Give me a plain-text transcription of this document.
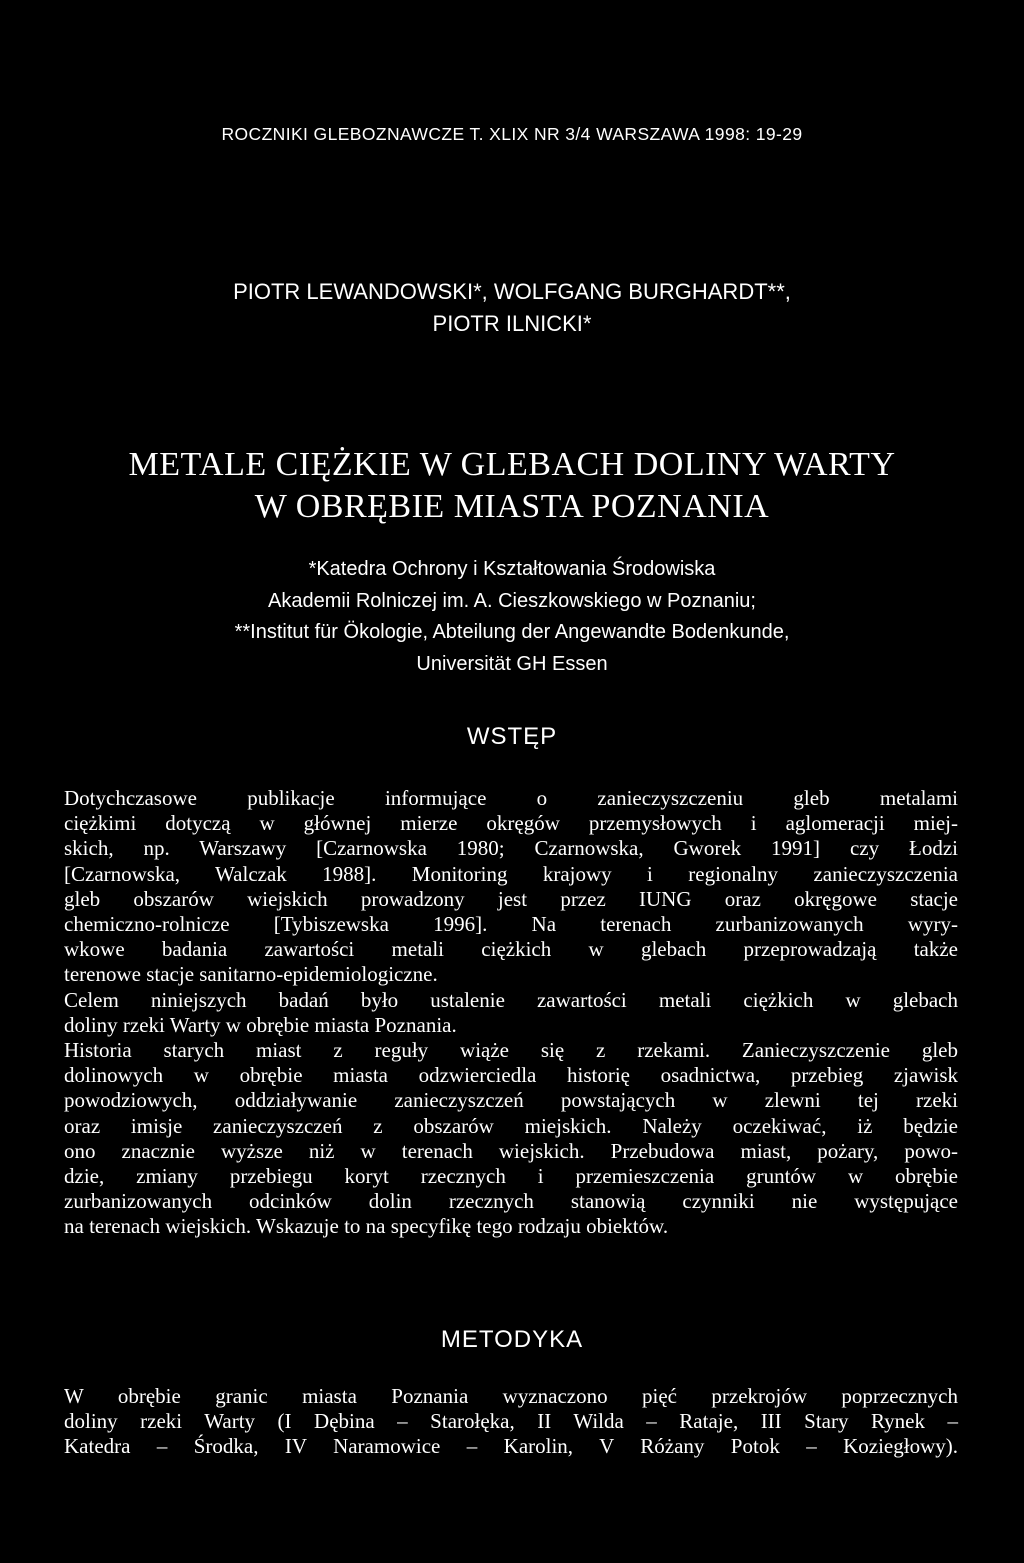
ROCZNIKI GLEBOZNAWCZE T. XLIX NR 3/4 WARSZAWA 1998: 19-29
PIOTR LEWANDOWSKI*, WOLFGANG BURGHARDT**,
PIOTR ILNICKI*
METALE CIĘŻKIE W GLEBACH DOLINY WARTY
W OBRĘBIE MIASTA POZNANIA
*Katedra Ochrony i Kształtowania Środowiska
Akademii Rolniczej im. A. Cieszkowskiego w Poznaniu;
**Institut für Ökologie, Abteilung der Angewandte Bodenkunde,
Universität GH Essen
WSTĘP
Dotychczasowe publikacje informujące o zanieczyszczeniu gleb metalami
ciężkimi dotyczą w głównej mierze okręgów przemysłowych i aglomeracji miej-
skich, np. Warszawy [Czarnowska 1980; Czarnowska, Gworek 1991] czy Łodzi
[Czarnowska, Walczak 1988]. Monitoring krajowy i regionalny zanieczyszczenia
gleb obszarów wiejskich prowadzony jest przez IUNG oraz okręgowe stacje
chemiczno-rolnicze [Tybiszewska 1996]. Na terenach zurbanizowanych wyry-
wkowe badania zawartości metali ciężkich w glebach przeprowadzają także
terenowe stacje sanitarno-epidemiologiczne.
Celem niniejszych badań było ustalenie zawartości metali ciężkich w glebach
doliny rzeki Warty w obrębie miasta Poznania.
Historia starych miast z reguły wiąże się z rzekami. Zanieczyszczenie gleb
dolinowych w obrębie miasta odzwierciedla historię osadnictwa, przebieg zjawisk
powodziowych, oddziaływanie zanieczyszczeń powstających w zlewni tej rzeki
oraz imisje zanieczyszczeń z obszarów miejskich. Należy oczekiwać, iż będzie
ono znacznie wyższe niż w terenach wiejskich. Przebudowa miast, pożary, powo-
dzie, zmiany przebiegu koryt rzecznych i przemieszczenia gruntów w obrębie
zurbanizowanych odcinków dolin rzecznych stanowią czynniki nie występujące
na terenach wiejskich. Wskazuje to na specyfikę tego rodzaju obiektów.
METODYKA
W obrębie granic miasta Poznania wyznaczono pięć przekrojów poprzecznych
doliny rzeki Warty (I Dębina – Starołęka, II Wilda – Rataje, III Stary Rynek –
Katedra – Środka, IV Naramowice – Karolin, V Różany Potok – Koziegłowy).
